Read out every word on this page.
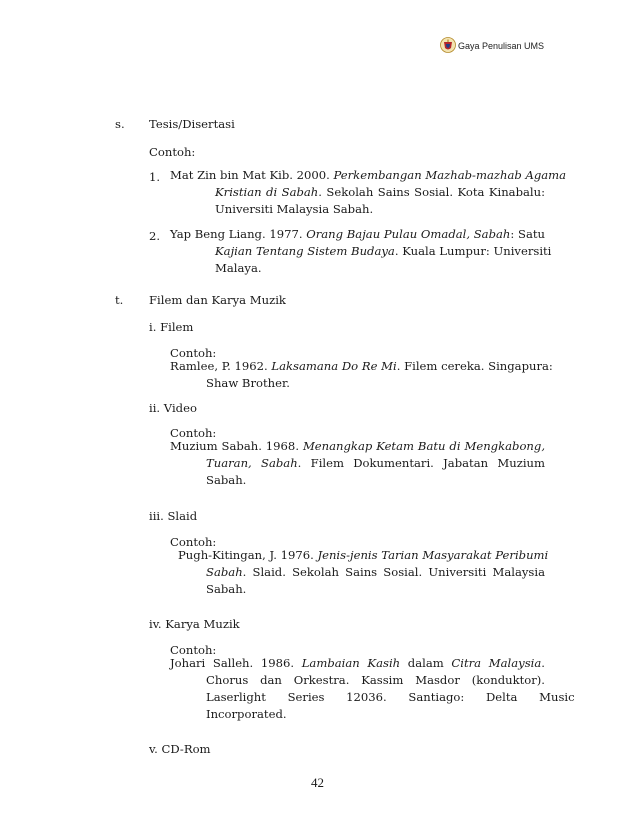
Gaya Penulisan UMS
s. Tesis/Disertasi
Contoh:
1. Mat Zin bin Mat Kib. 2000. Perkembangan Mazhab-mazhab Agama
Kristian di Sabah. Sekolah Sains Sosial. Kota Kinabalu:
Universiti Malaysia Sabah.
2. Yap Beng Liang. 1977. Orang Bajau Pulau Omadal, Sabah: Satu
Kajian Tentang Sistem Budaya. Kuala Lumpur: Universiti
Malaya.
t. Filem dan Karya Muzik
i. Filem
Contoh:
Ramlee, P. 1962. Laksamana Do Re Mi. Filem cereka. Singapura:
Shaw Brother.
ii. Video
Contoh:
Muzium Sabah. 1968. Menangkap Ketam Batu di Mengkabong,
Tuaran, Sabah. Filem Dokumentari. Jabatan Muzium
Sabah.
iii. Slaid
Contoh:
Pugh-Kitingan, J. 1976. Jenis-jenis Tarian Masyarakat Peribumi
Sabah. Slaid. Sekolah Sains Sosial. Universiti Malaysia
Sabah.
iv. Karya Muzik
Contoh:
Johari Salleh. 1986. Lambaian Kasih dalam Citra Malaysia.
Chorus dan Orkestra. Kassim Masdor (konduktor).
Laserlight Series 12036. Santiago: Delta Music
Incorporated.
v. CD-Rom
42
